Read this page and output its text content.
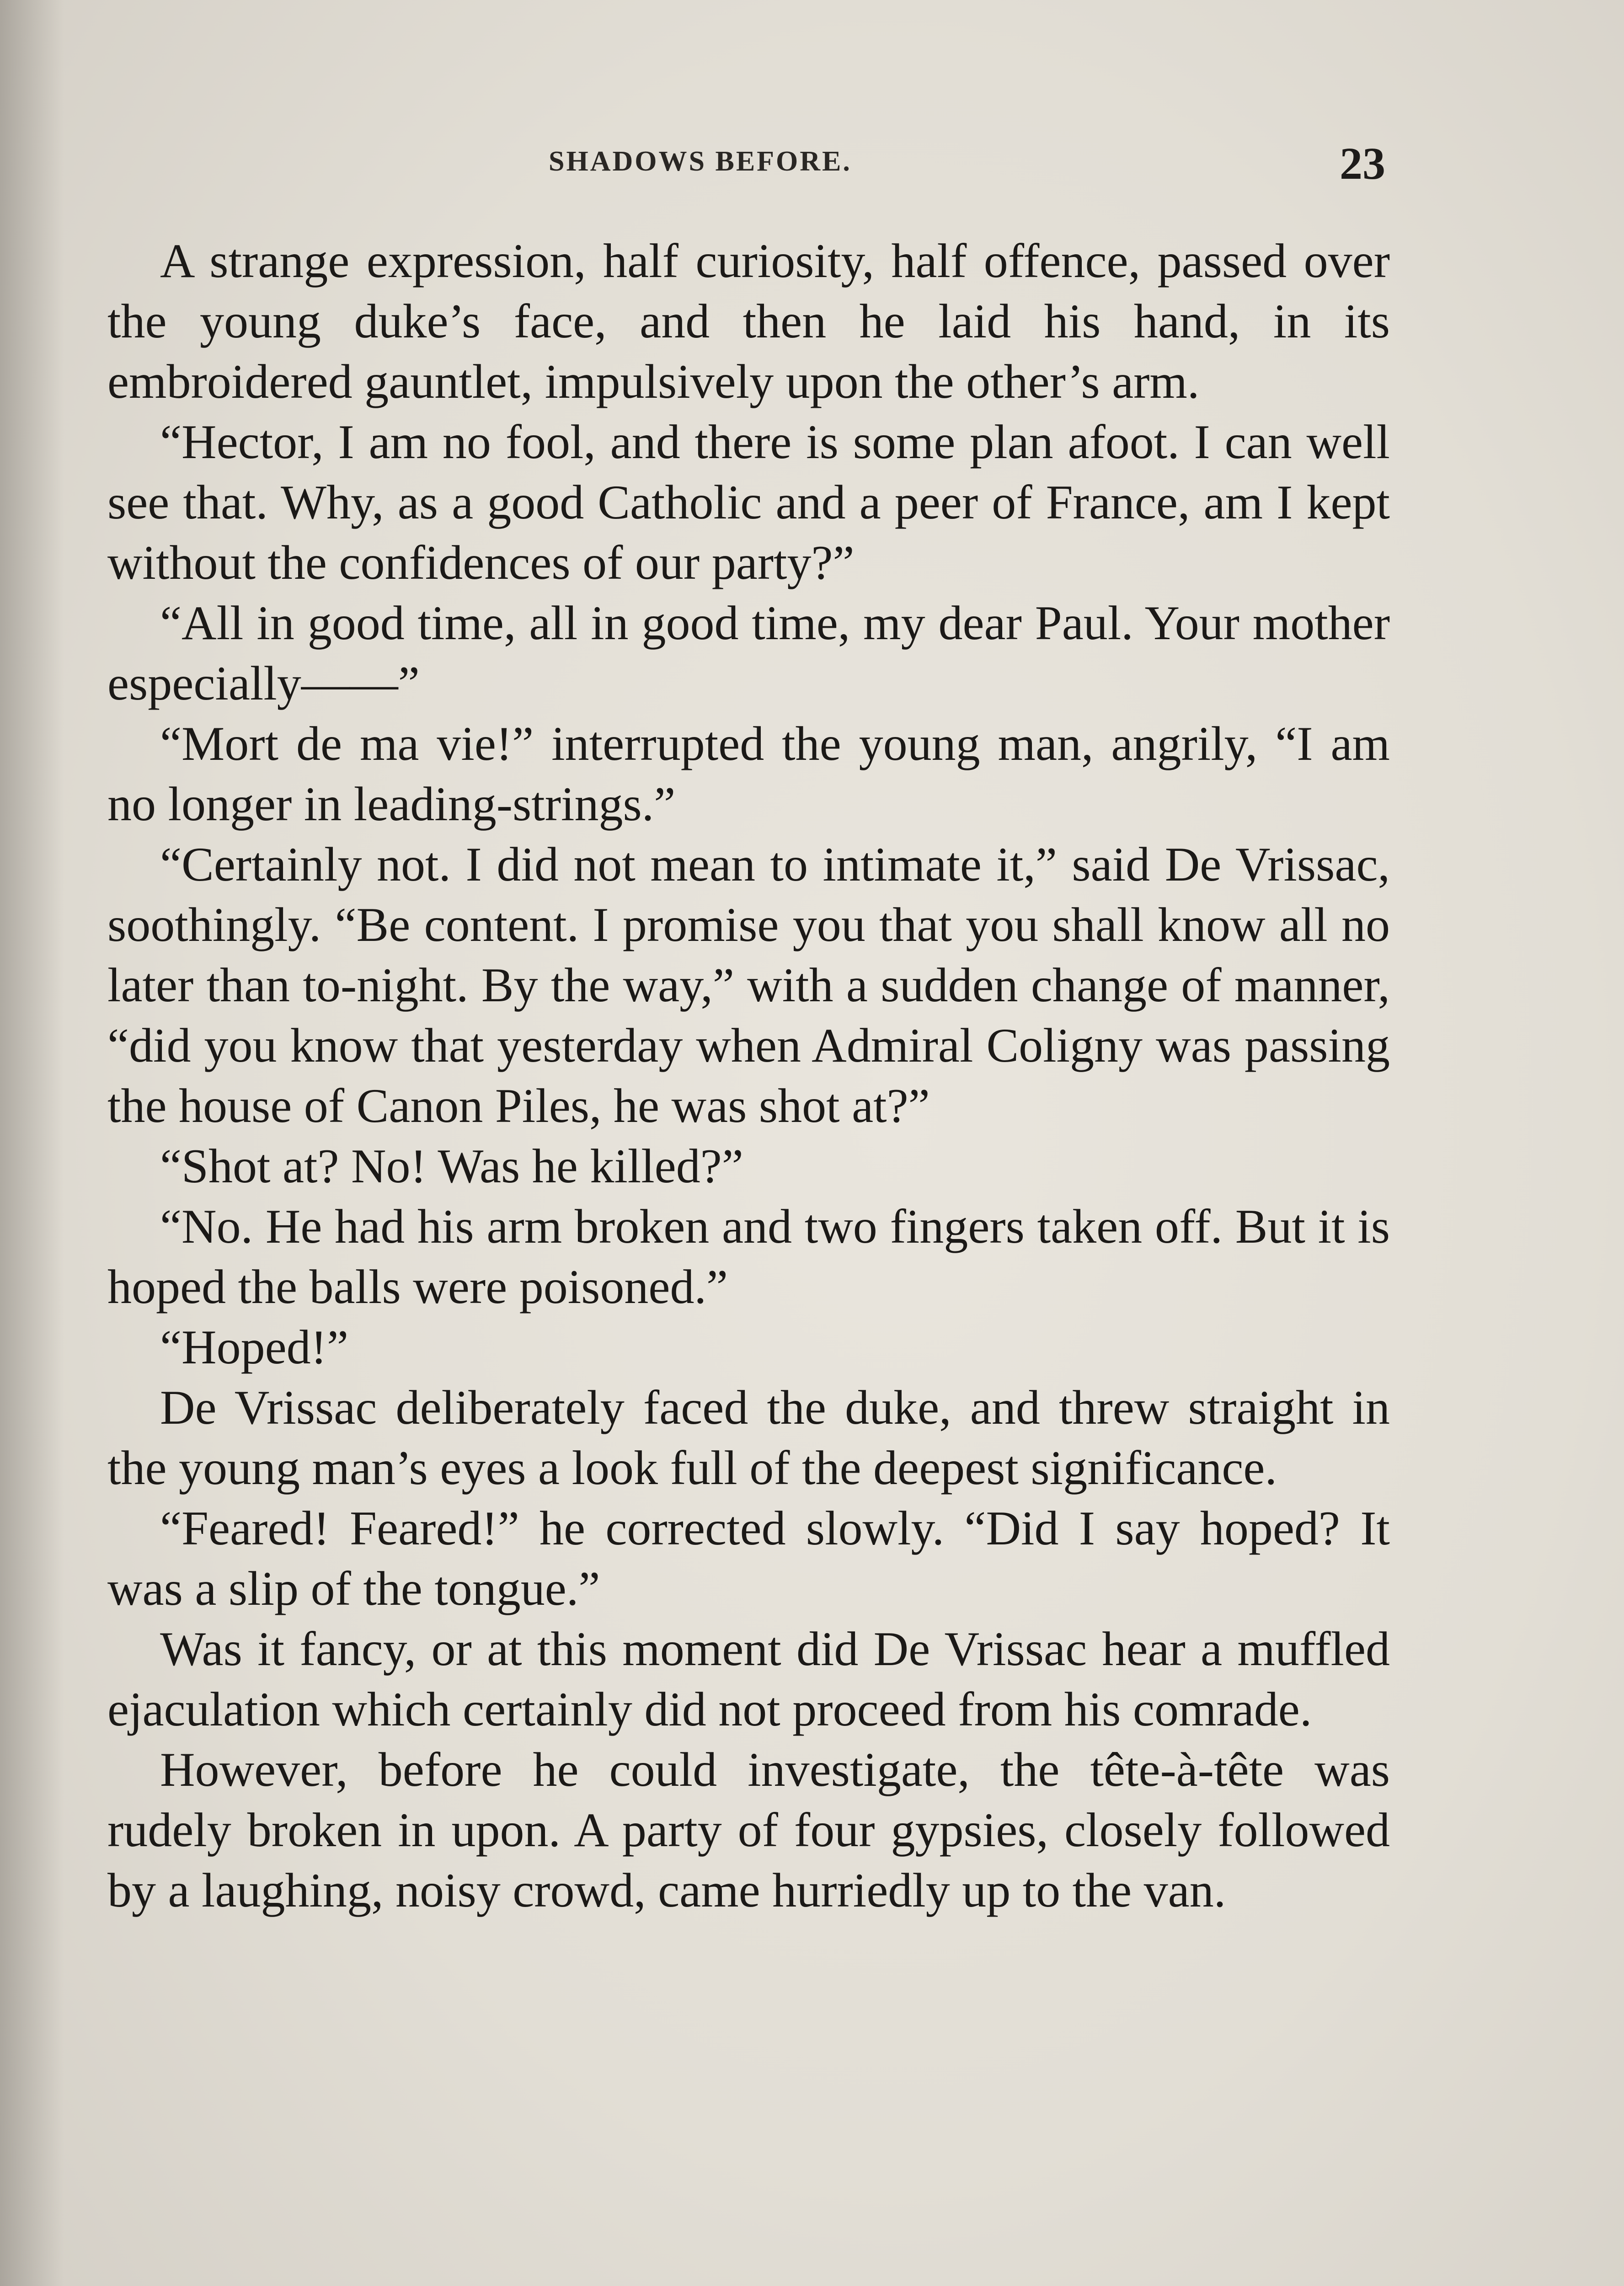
SHADOWS BEFORE.	23

A strange expression, half curiosity, half offence, passed over the young duke’s face, and then he laid his hand, in its embroidered gauntlet, impulsively upon the other’s arm.

“Hector, I am no fool, and there is some plan afoot. I can well see that. Why, as a good Catholic and a peer of France, am I kept without the confidences of our party?”

“All in good time, all in good time, my dear Paul. Your mother especially——”

“Mort de ma vie!” interrupted the young man, angrily, “I am no longer in leading-strings.”

“Certainly not. I did not mean to intimate it,” said De Vrissac, soothingly. “Be content. I promise you that you shall know all no later than to-night. By the way,” with a sudden change of manner, “did you know that yesterday when Admiral Coligny was passing the house of Canon Piles, he was shot at?”

“Shot at? No! Was he killed?”

“No. He had his arm broken and two fingers taken off. But it is hoped the balls were poisoned.”

“Hoped!”

De Vrissac deliberately faced the duke, and threw straight in the young man’s eyes a look full of the deepest significance.

“Feared! Feared!” he corrected slowly. “Did I say hoped? It was a slip of the tongue.”

Was it fancy, or at this moment did De Vrissac hear a muffled ejaculation which certainly did not proceed from his comrade.

However, before he could investigate, the tête-à-tête was rudely broken in upon. A party of four gypsies, closely followed by a laughing, noisy crowd, came hurriedly up to the van.
